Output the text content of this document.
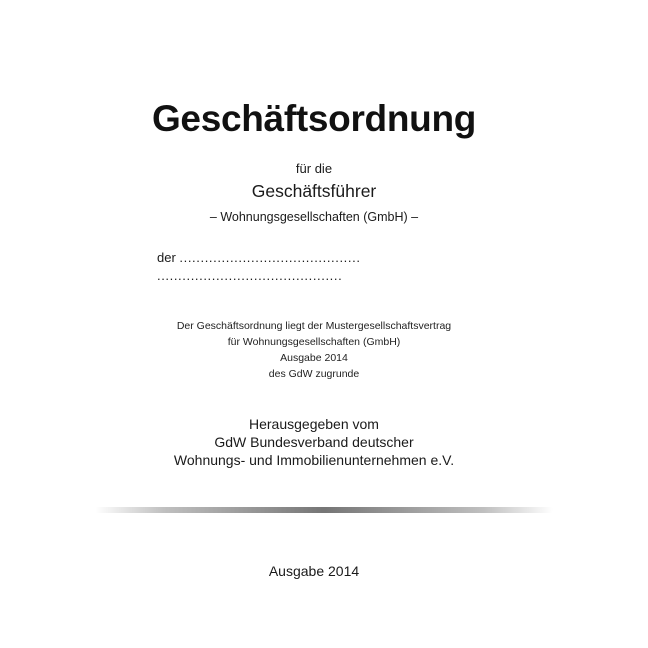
Geschäftsordnung
für die
Geschäftsführer
– Wohnungsgesellschaften (GmbH) –
der ...........................................
............................................
Der Geschäftsordnung liegt der Mustergesellschaftsvertrag
für Wohnungsgesellschaften (GmbH)
Ausgabe 2014
des GdW zugrunde
Herausgegeben vom
GdW Bundesverband deutscher
Wohnungs- und Immobilienunternehmen e.V.
Ausgabe 2014
